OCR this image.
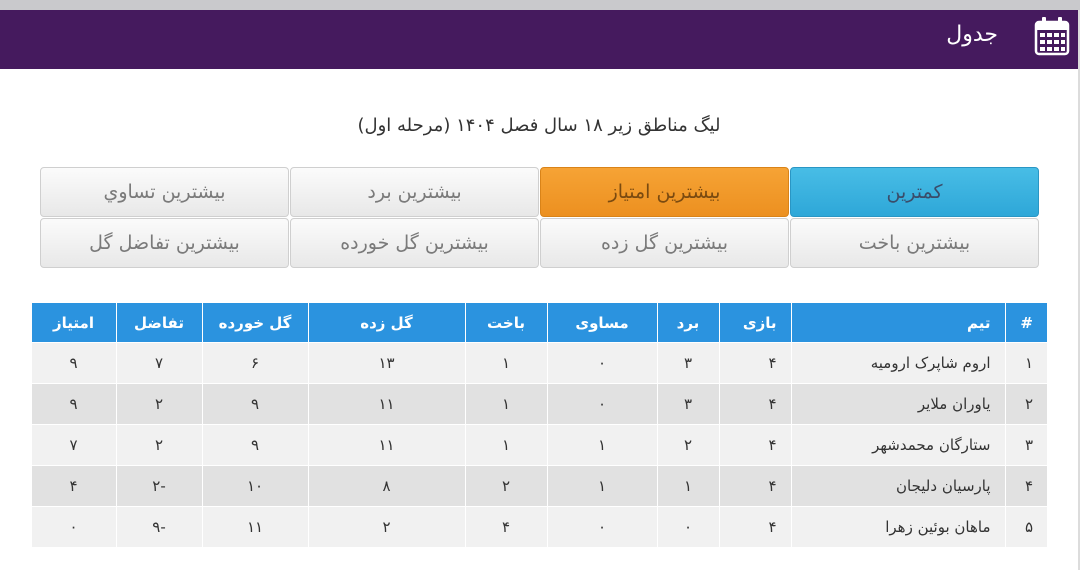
جدول
لیگ مناطق زیر ۱۸ سال فصل ۱۴۰۴ (مرحله اول)
کمترین
بیشترین امتیاز
بیشترین برد
بیشترین تساوي
بیشترین باخت
بیشترین گل زده
بیشترین گل خورده
بیشترین تفاضل گل
#	تیم	بازی	برد	مساوی	باخت	گل زده	گل خورده	تفاضل	امتیاز
۱	اروم شاپرک ارومیه	۴	۳	۰	۱	۱۳	۶	۷	۹
۲	یاوران ملایر	۴	۳	۰	۱	۱۱	۹	۲	۹
۳	ستارگان محمدشهر	۴	۲	۱	۱	۱۱	۹	۲	۷
۴	پارسیان دلیجان	۴	۱	۱	۲	۸	۱۰	-۲	۴
۵	ماهان بوئین زهرا	۴	۰	۰	۴	۲	۱۱	-۹	۰
